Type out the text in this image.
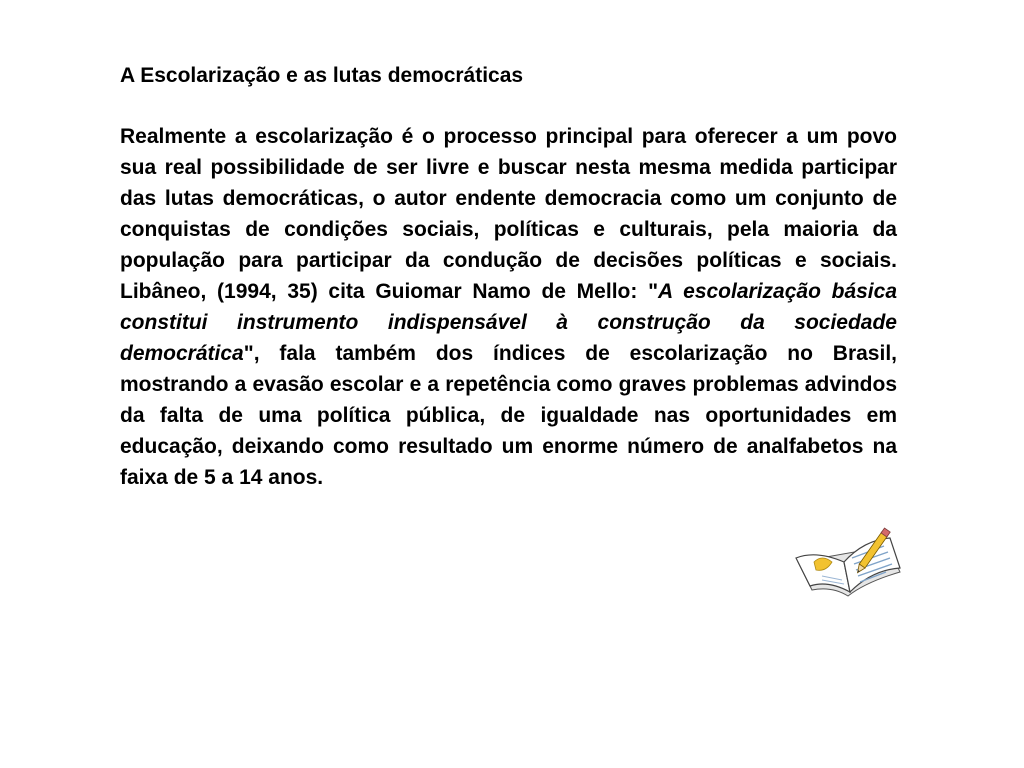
A Escolarização e as lutas democráticas
Realmente a escolarização é o processo principal para oferecer a um povo sua real possibilidade de ser livre e buscar nesta mesma medida participar das lutas democráticas, o autor endente democracia como um conjunto de conquistas de condições sociais, políticas e culturais, pela maioria da população para participar da condução de decisões políticas e sociais. Libâneo, (1994, 35) cita Guiomar Namo de Mello: "A escolarização básica constitui instrumento indispensável à construção da sociedade democrática", fala também dos índices de escolarização no Brasil, mostrando a evasão escolar e a repetência como graves problemas advindos da falta de uma política pública, de igualdade nas oportunidades em educação, deixando como resultado um enorme número de analfabetos na faixa de 5 a 14 anos.
